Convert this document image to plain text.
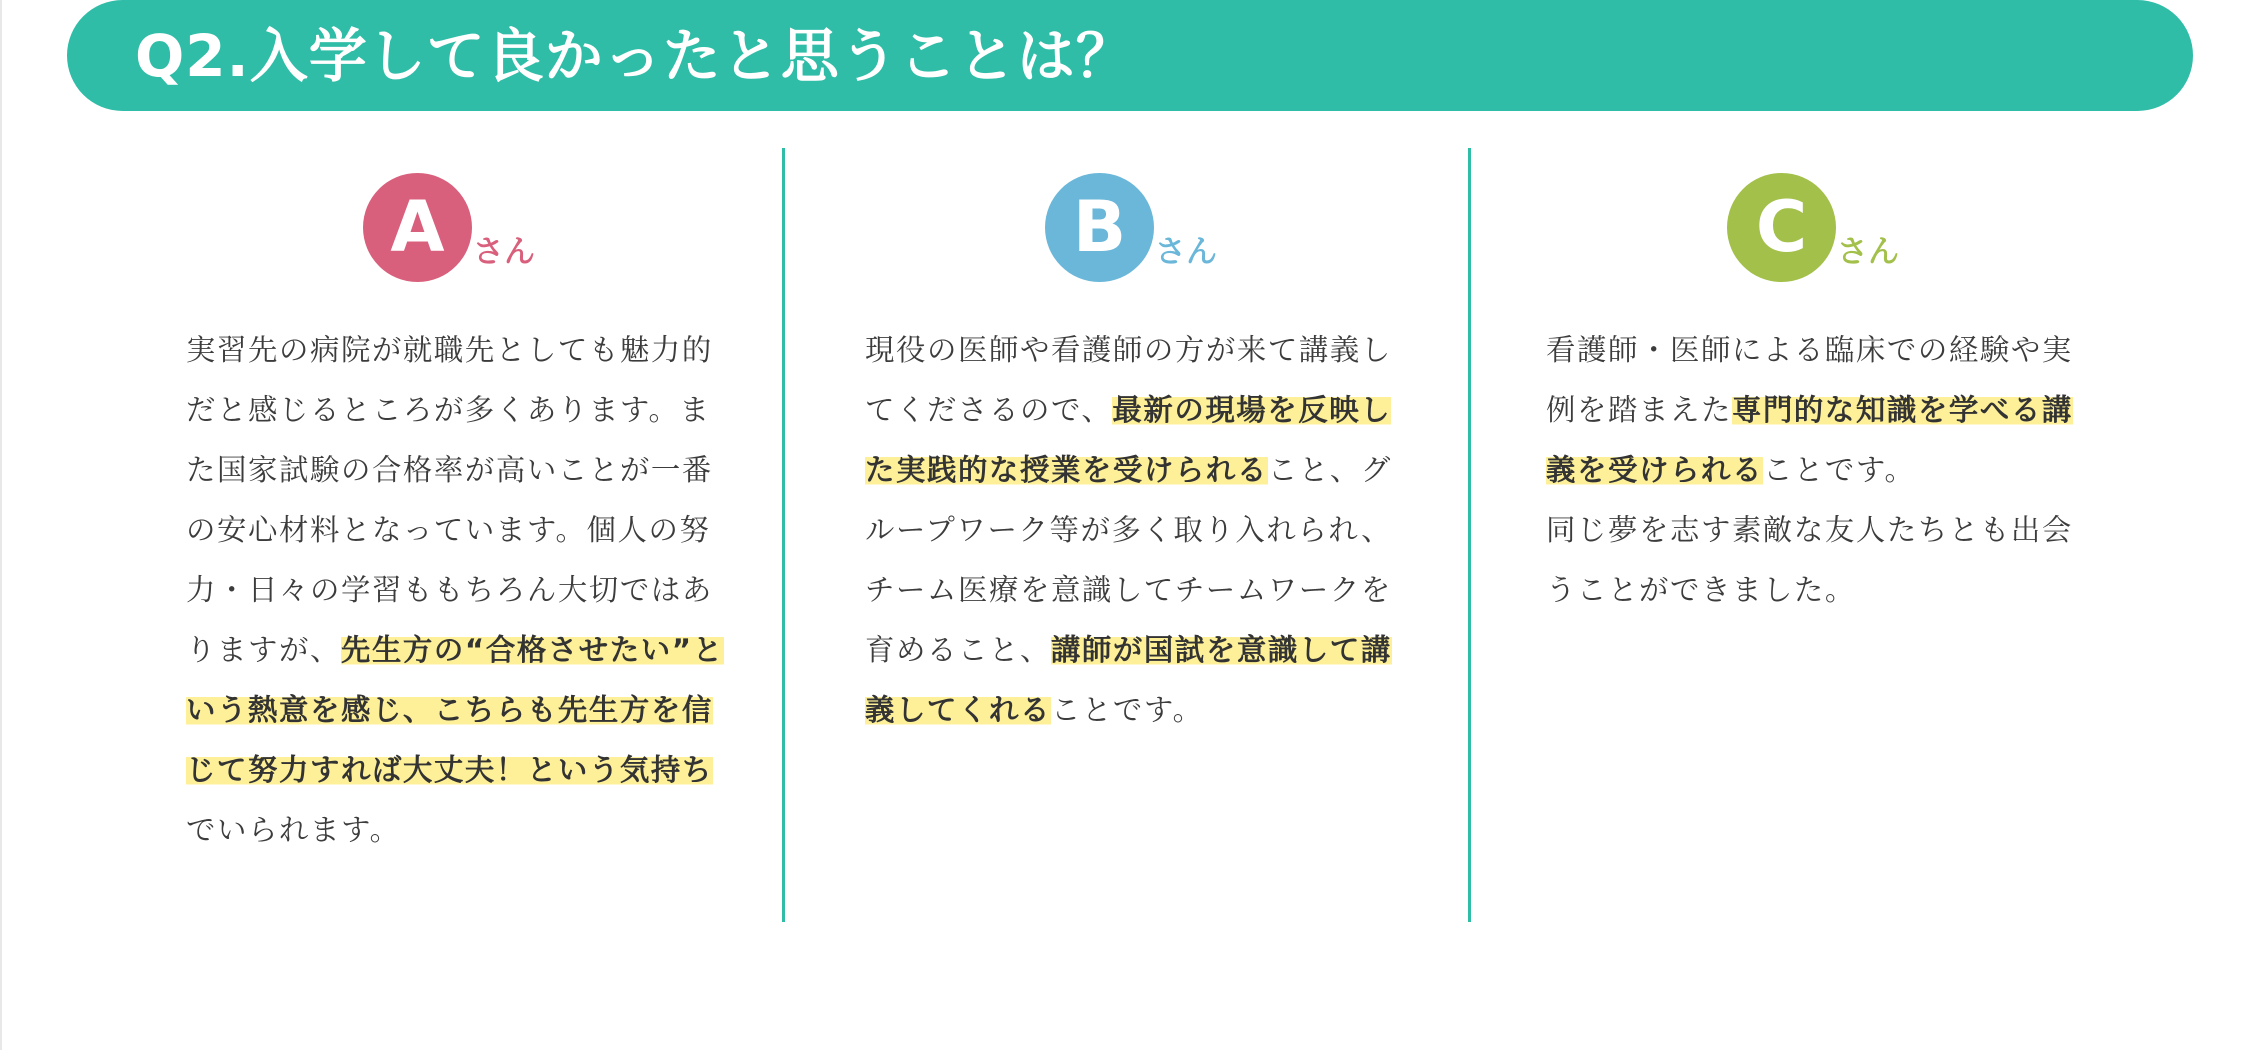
Q2.入学して良かったと思うことは？
A さん
実習先の病院が就職先としても魅力的だと感じるところが多くあります。また国家試験の合格率が高いことが一番の安心材料となっています。個人の努力・日々の学習ももちろん大切ではありますが、先生方の“合格させたい”という熱意を感じ、こちらも先生方を信じて努力すれば大丈夫！という気持ちでいられます。
B さん
現役の医師や看護師の方が来て講義してくださるので、最新の現場を反映した実践的な授業を受けられること、グループワーク等が多く取り入れられ、チーム医療を意識してチームワークを育めること、講師が国試を意識して講義してくれることです。
C さん
看護師・医師による臨床での経験や実例を踏まえた専門的な知識を学べる講義を受けられることです。
同じ夢を志す素敵な友人たちとも出会うことができました。
